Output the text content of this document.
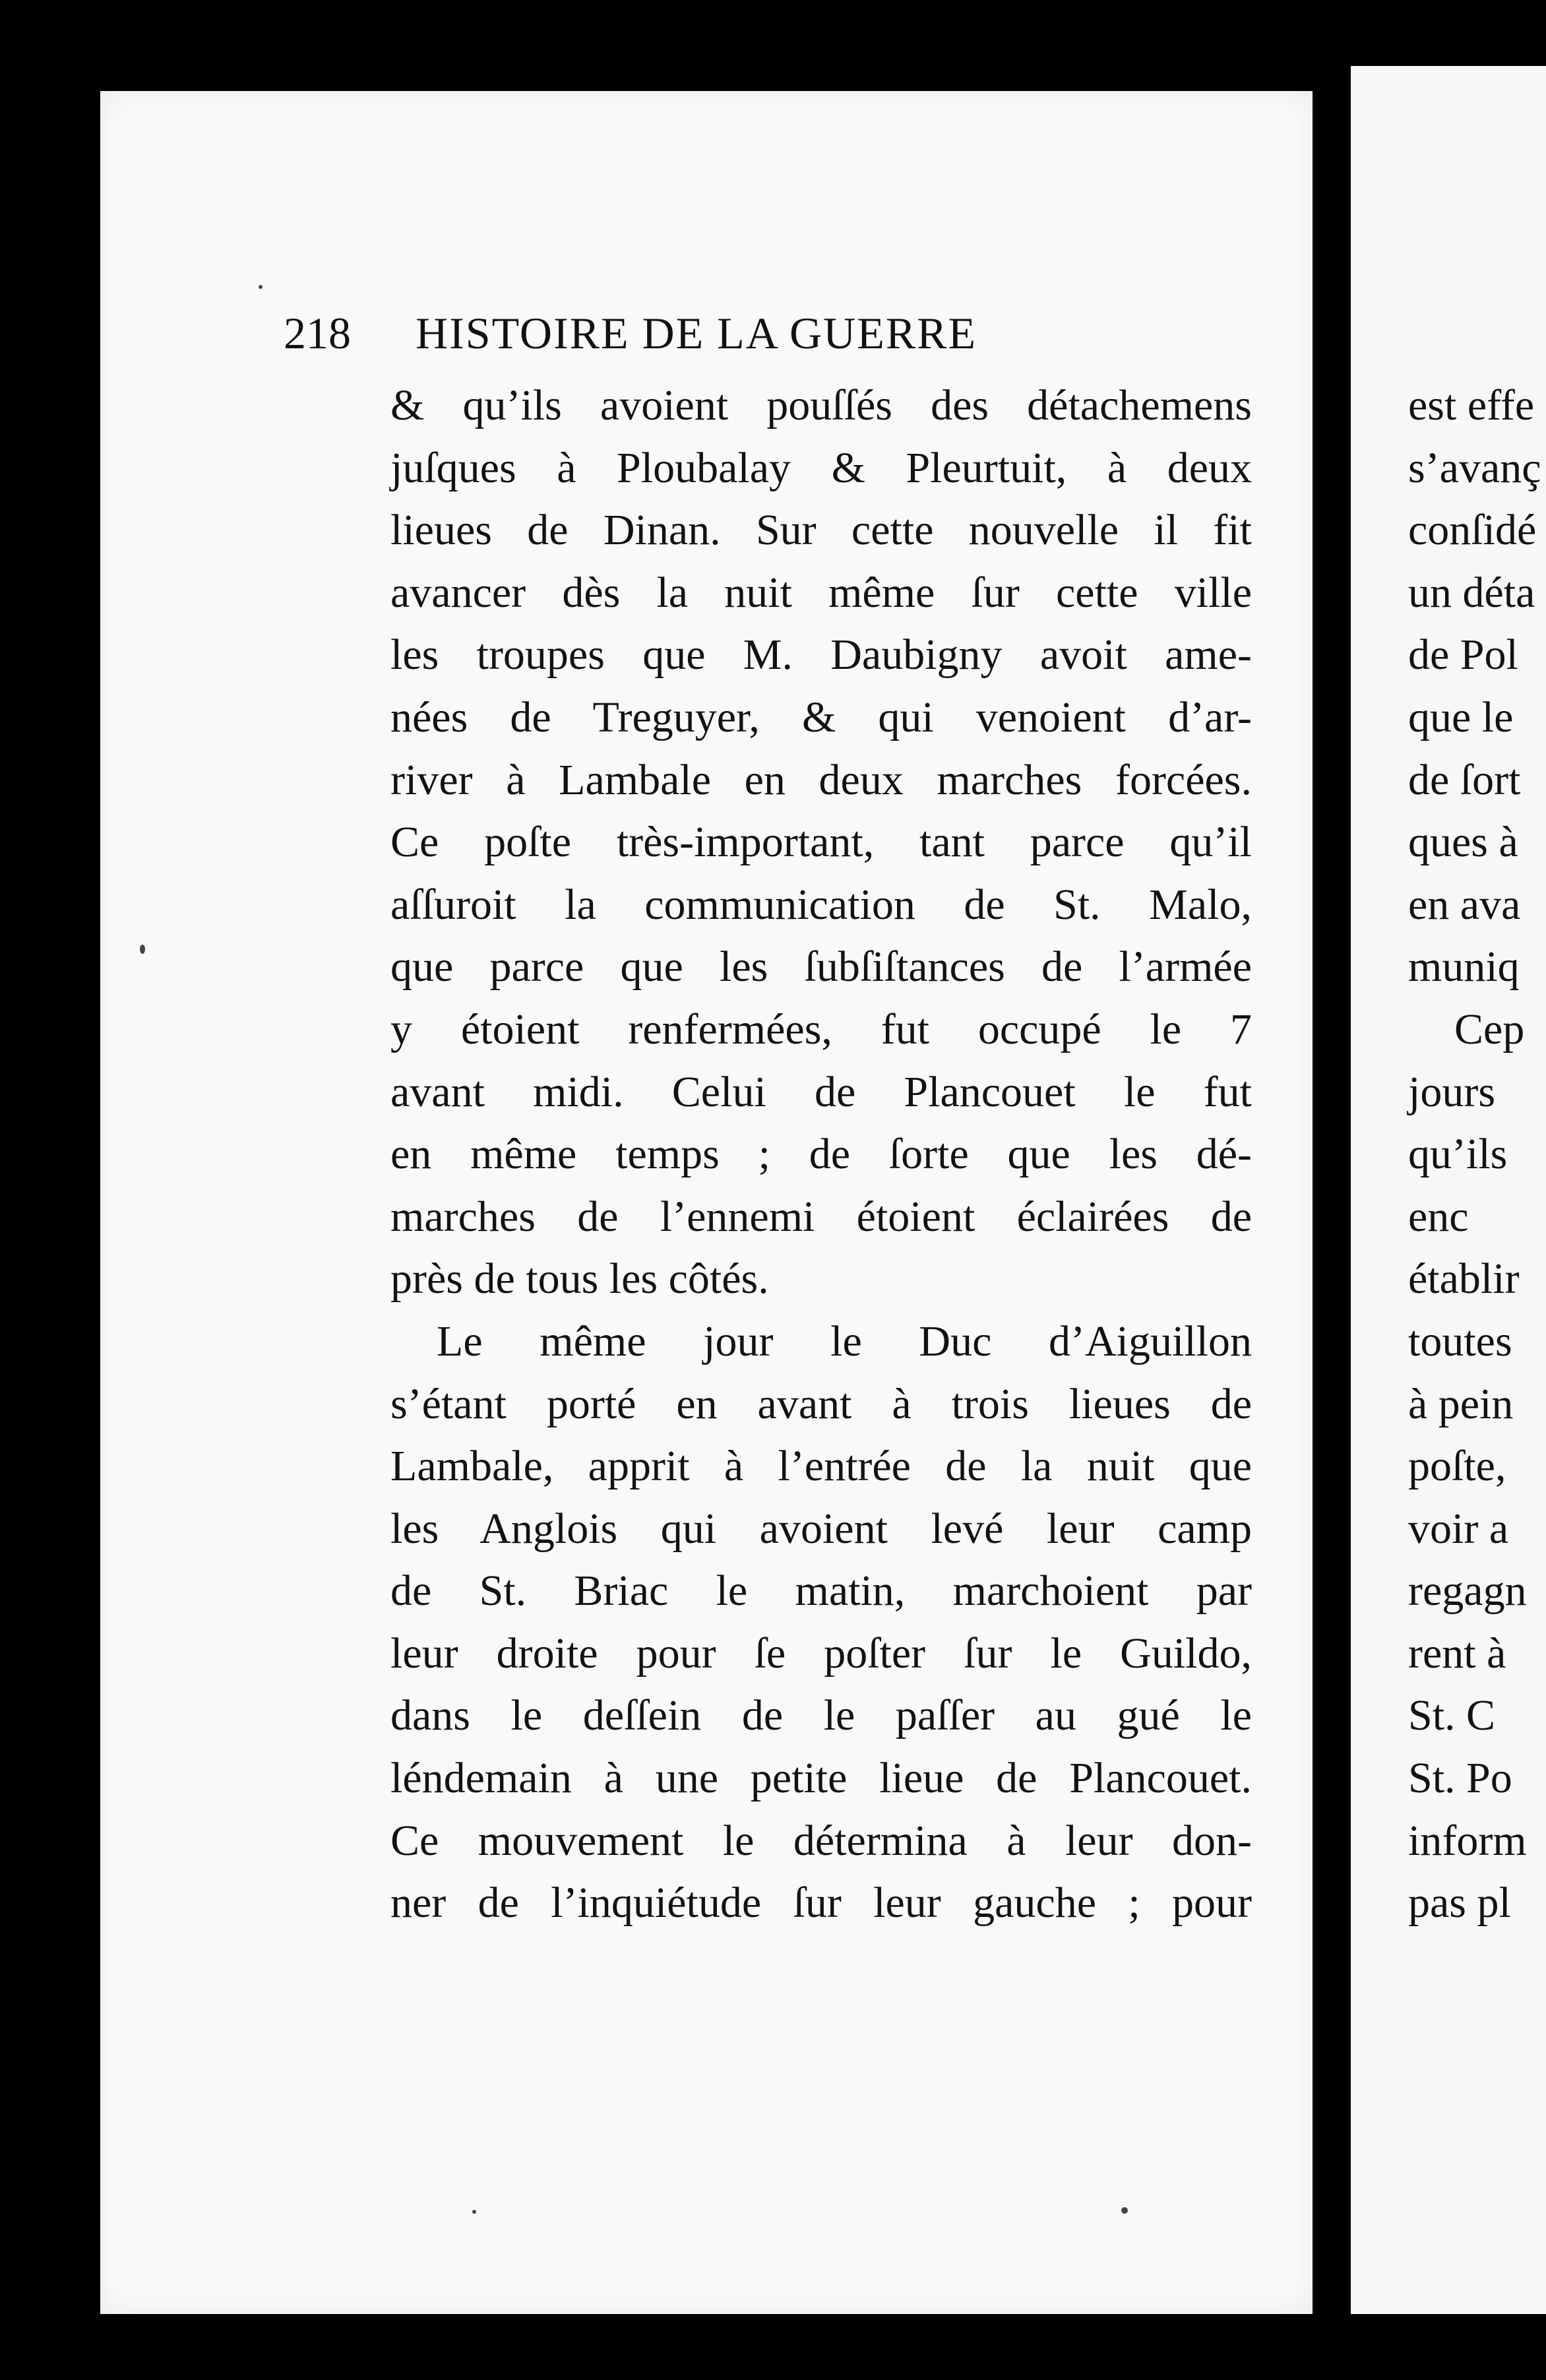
218 HISTOIRE DE LA GUERRE
& qu’ils avoient pouſſés des détachemens
juſques à Ploubalay & Pleurtuit, à deux
lieues de Dinan. Sur cette nouvelle il fit
avancer dès la nuit même ſur cette ville
les troupes que M. Daubigny avoit ame-
nées de Treguyer, & qui venoient d’ar-
river à Lambale en deux marches forcées.
Ce poſte très-important, tant parce qu’il
aſſuroit la communication de St. Malo,
que parce que les ſubſiſtances de l’armée
y étoient renfermées, fut occupé le 7
avant midi. Celui de Plancouet le fut
en même temps ; de ſorte que les dé-
marches de l’ennemi étoient éclairées de
près de tous les côtés.
Le même jour le Duc d’Aiguillon
s’étant porté en avant à trois lieues de
Lambale, apprit à l’entrée de la nuit que
les Anglois qui avoient levé leur camp
de St. Briac le matin, marchoient par
leur droite pour ſe poſter ſur le Guildo,
dans le deſſein de le paſſer au gué le
léndemain à une petite lieue de Plancouet.
Ce mouvement le détermina à leur don-
ner de l’inquiétude ſur leur gauche ; pour
est effe
s’avanç
conſidé
un déta
de Pol
que le
de ſort
ques à
en ava
muniq
Cep
jours
qu’ils
enc
établir
toutes
à pein
poſte,
voir a
regagn
rent à
St. C
St. Po
inform
pas pl
